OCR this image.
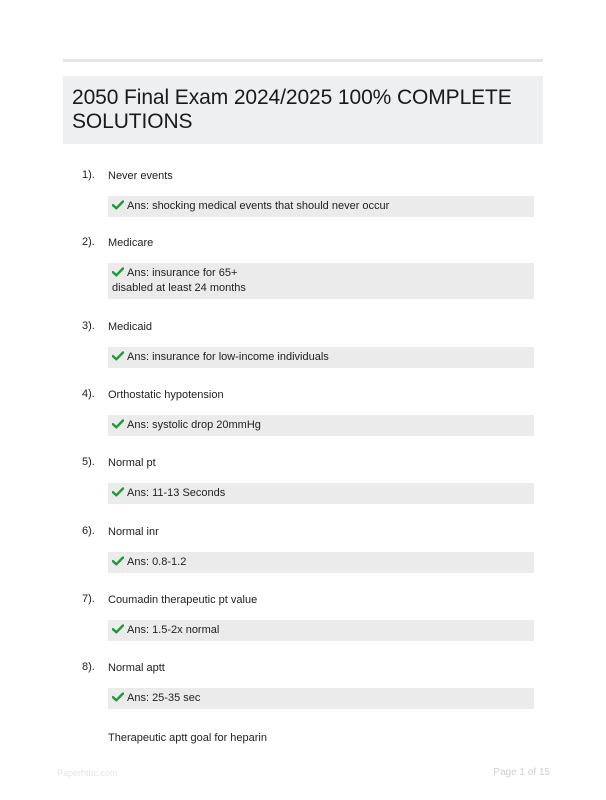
2050 Final Exam 2024/2025 100% COMPLETE SOLUTIONS
1). Never events
Ans: shocking medical events that should never occur
2). Medicare
Ans: insurance for 65+
disabled at least 24 months
3). Medicaid
Ans: insurance for low-income individuals
4). Orthostatic hypotension
Ans: systolic drop 20mmHg
5). Normal pt
Ans: 11-13 Seconds
6). Normal inr
Ans: 0.8-1.2
7). Coumadin therapeutic pt value
Ans: 1.5-2x normal
8). Normal aptt
Ans: 25-35 sec
Therapeutic aptt goal for heparin
Paperhtbc.com	Page 1 of 15
